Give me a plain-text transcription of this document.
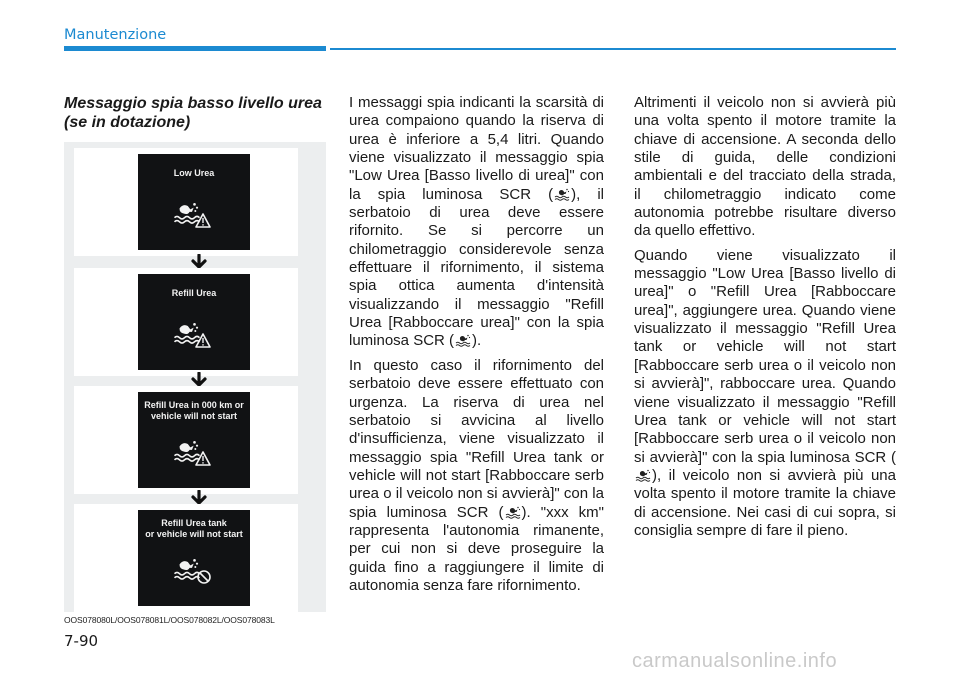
Manutenzione
Messaggio spia basso livello urea (se in dotazione)
Low Urea
Refill Urea
Refill Urea in 000 km or
vehicle will not start
Refill Urea tank
or vehicle will not start
OOS078080L/OOS078081L/OOS078082L/OOS078083L

I messaggi spia indicanti la scarsità di urea compaiono quando la riserva di urea è inferiore a 5,4 litri. Quando viene visualizzato il messaggio spia "Low Urea [Basso livello di urea]" con la spia luminosa SCR ( ), il serbatoio di urea deve essere rifornito. Se si percorre un chilometraggio considerevole senza effettuare il rifornimento, il sistema spia ottica aumenta d'intensità visualizzando il messaggio "Refill Urea [Rabboccare urea]" con la spia luminosa SCR ( ).

In questo caso il rifornimento del serbatoio deve essere effettuato con urgenza. La riserva di urea nel serbatoio si avvicina al livello d'insufficienza, viene visualizzato il messaggio spia "Refill Urea tank or vehicle will not start [Rabboccare serb urea o il veicolo non si avvierà]" con la spia luminosa SCR ( ). "xxx km" rappresenta l'autonomia rimanente, per cui non si deve proseguire la guida fino a raggiungere il limite di autonomia senza fare rifornimento.

Altrimenti il veicolo non si avvierà più una volta spento il motore tramite la chiave di accensione. A seconda dello stile di guida, delle condizioni ambientali e del tracciato della strada, il chilometraggio indicato come autonomia potrebbe risultare diverso da quello effettivo.

Quando viene visualizzato il messaggio "Low Urea [Basso livello di urea]" o "Refill Urea [Rabboccare urea]", aggiungere urea. Quando viene visualizzato il messaggio "Refill Urea tank or vehicle will not start [Rabboccare serb urea o il veicolo non si avvierà]", rabboccare urea. Quando viene visualizzato il messaggio "Refill Urea tank or vehicle will not start [Rabboccare serb urea o il veicolo non si avvierà]" con la spia luminosa SCR (), il veicolo non si avvierà più una volta spento il motore tramite la chiave di accensione. Nei casi di cui sopra, si consiglia sempre di fare il pieno.

7-90
carmanualsonline.info
